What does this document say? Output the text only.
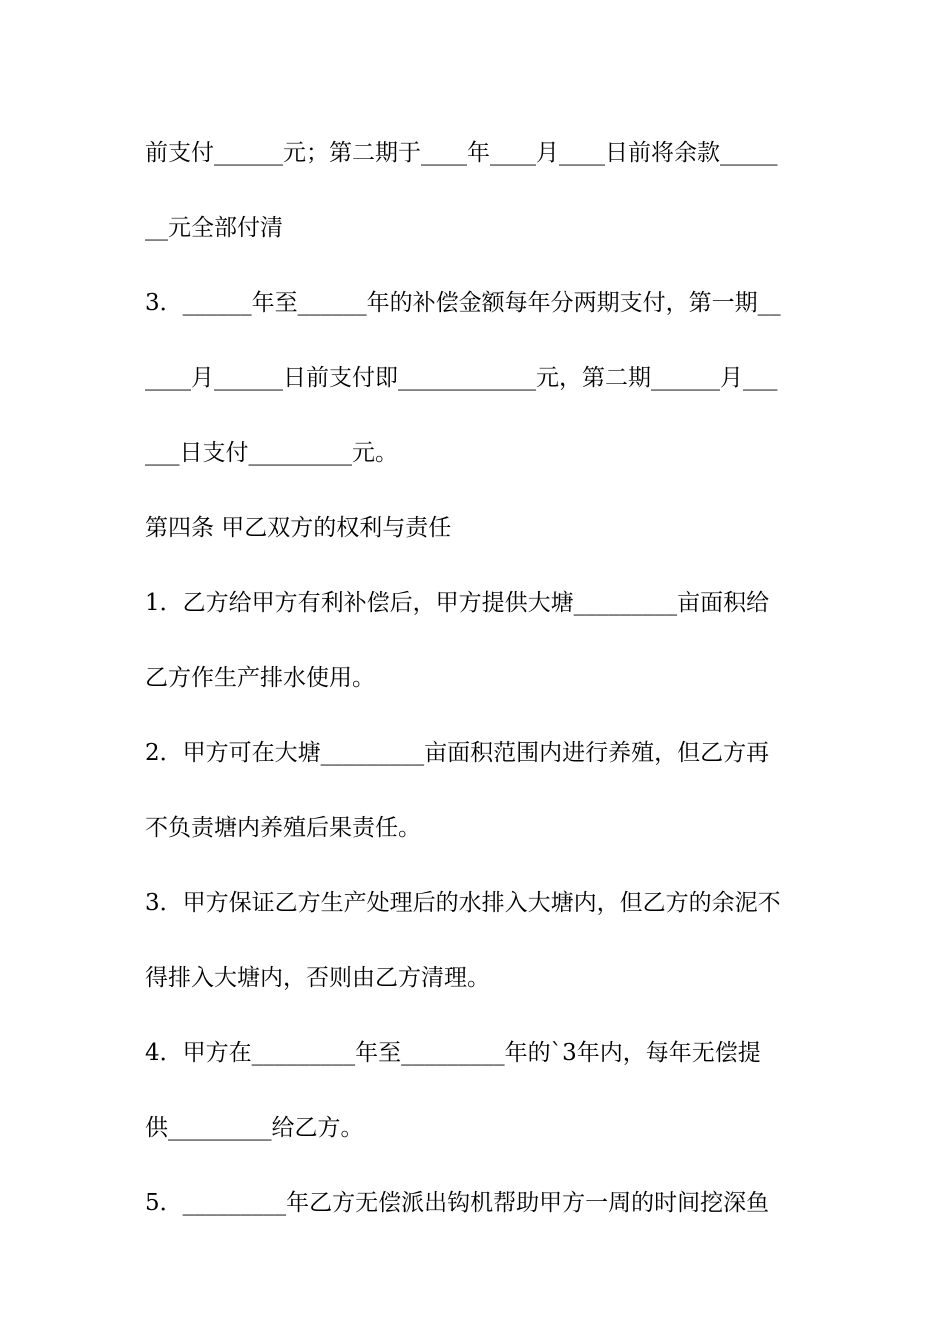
前支付______元；第二期于____年____月____日前将余款_____
__元全部付清
3．______年至______年的补偿金额每年分两期支付，第一期__
____月______日前支付即____________元，第二期______月___
___日支付_________元。
第四条 甲乙双方的权利与责任
1．乙方给甲方有利补偿后，甲方提供大塘_________亩面积给
乙方作生产排水使用。
2．甲方可在大塘_________亩面积范围内进行养殖，但乙方再
不负责塘内养殖后果责任。
3．甲方保证乙方生产处理后的水排入大塘内，但乙方的余泥不
得排入大塘内，否则由乙方清理。
4．甲方在_________年至_________年的`3年内，每年无偿提
供_________给乙方。
5．_________年乙方无偿派出钩机帮助甲方一周的时间挖深鱼
